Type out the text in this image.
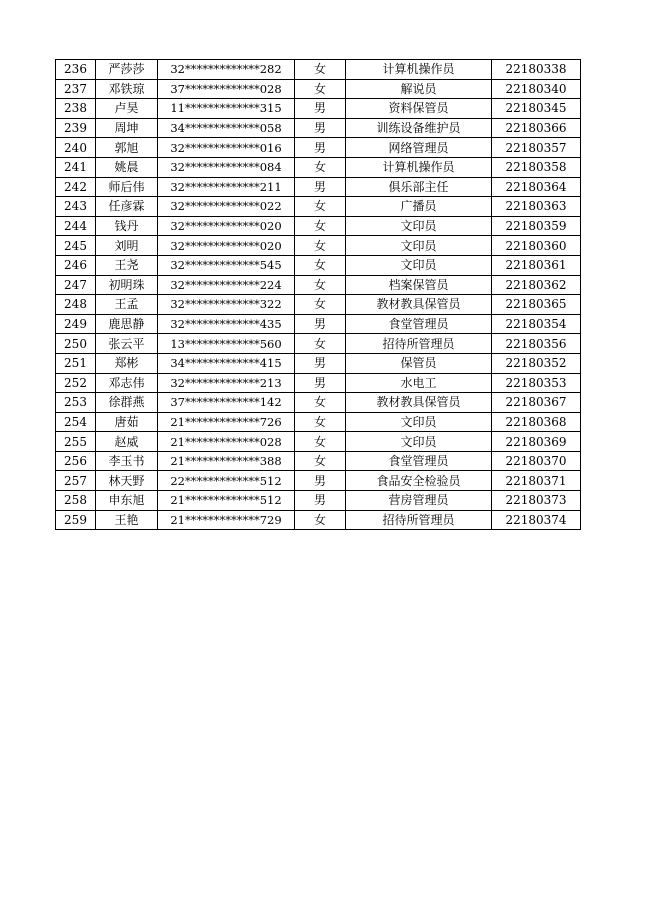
236	严莎莎	32*************282	女	计算机操作员	22180338
237	邓铁琼	37*************028	女	解说员	22180340
238	卢昊	11*************315	男	资料保管员	22180345
239	周坤	34*************058	男	训练设备维护员	22180366
240	郭旭	32*************016	男	网络管理员	22180357
241	姚晨	32*************084	女	计算机操作员	22180358
242	师后伟	32*************211	男	俱乐部主任	22180364
243	任彦霖	32*************022	女	广播员	22180363
244	钱丹	32*************020	女	文印员	22180359
245	刘明	32*************020	女	文印员	22180360
246	王尧	32*************545	女	文印员	22180361
247	初明珠	32*************224	女	档案保管员	22180362
248	王孟	32*************322	女	教材教具保管员	22180365
249	鹿思静	32*************435	男	食堂管理员	22180354
250	张云平	13*************560	女	招待所管理员	22180356
251	郑彬	34*************415	男	保管员	22180352
252	邓志伟	32*************213	男	水电工	22180353
253	徐群燕	37*************142	女	教材教具保管员	22180367
254	唐茹	21*************726	女	文印员	22180368
255	赵威	21*************028	女	文印员	22180369
256	李玉书	21*************388	女	食堂管理员	22180370
257	林天野	22*************512	男	食品安全检验员	22180371
258	申东旭	21*************512	男	营房管理员	22180373
259	王艳	21*************729	女	招待所管理员	22180374
